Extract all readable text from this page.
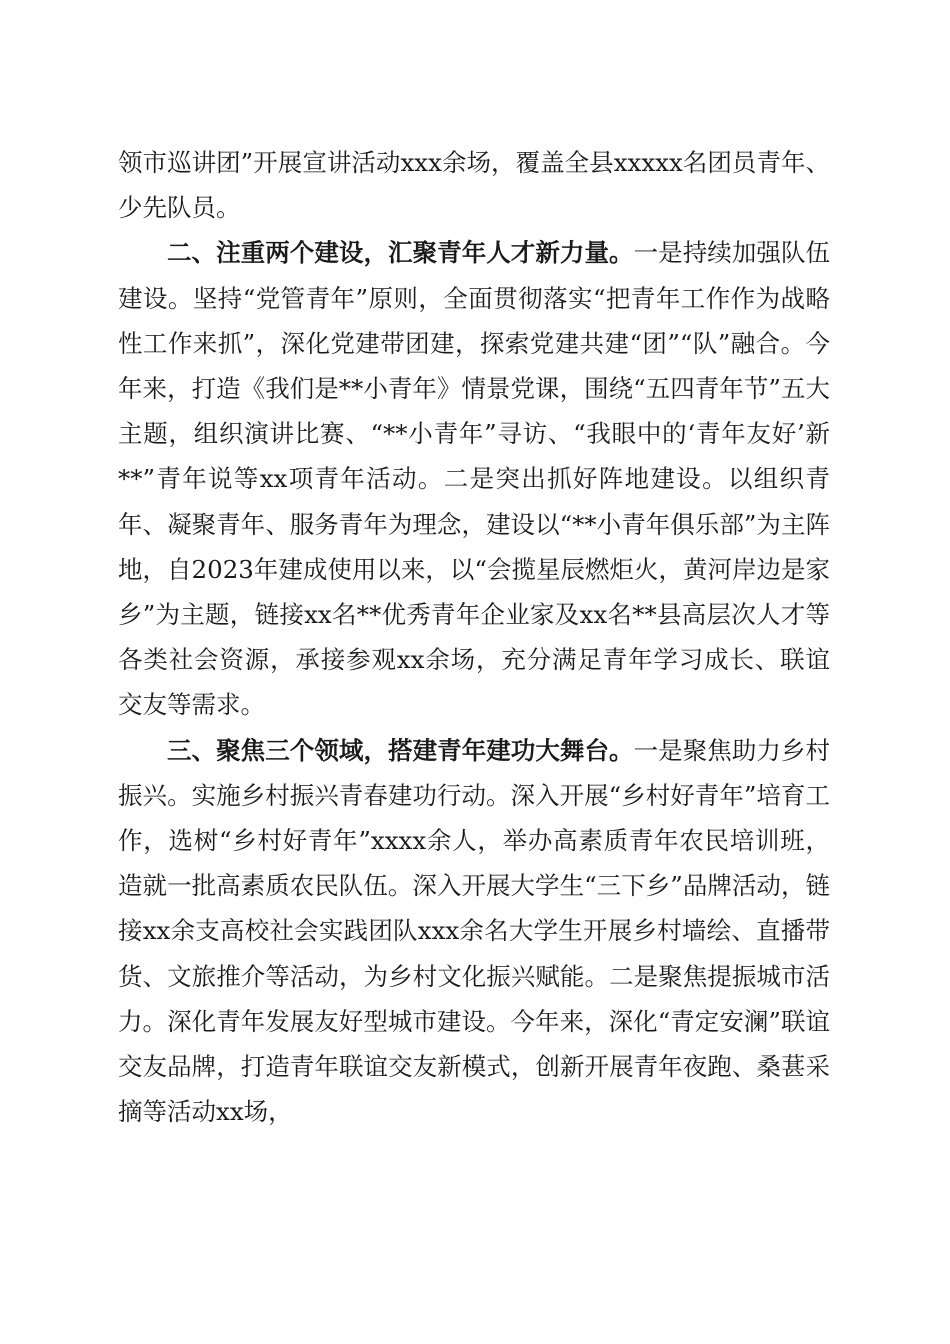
领市巡讲团”开展宣讲活动xxx余场，覆盖全县xxxxx名团员青年、少先队员。

二、注重两个建设，汇聚青年人才新力量。一是持续加强队伍建设。坚持“党管青年”原则，全面贯彻落实“把青年工作作为战略性工作来抓”，深化党建带团建，探索党建共建“团”“队”融合。今年来，打造《我们是**小青年》情景党课，围绕“五四青年节”五大主题，组织演讲比赛、“**小青年”寻访、“我眼中的‘青年友好’新**”青年说等xx项青年活动。二是突出抓好阵地建设。以组织青年、凝聚青年、服务青年为理念，建设以“**小青年俱乐部”为主阵地，自2023年建成使用以来，以“会揽星辰燃炬火，黄河岸边是家乡”为主题，链接xx名**优秀青年企业家及xx名**县高层次人才等各类社会资源，承接参观xx余场，充分满足青年学习成长、联谊交友等需求。

三、聚焦三个领域，搭建青年建功大舞台。一是聚焦助力乡村振兴。实施乡村振兴青春建功行动。深入开展“乡村好青年”培育工作，选树“乡村好青年”xxxx余人，举办高素质青年农民培训班，造就一批高素质农民队伍。深入开展大学生“三下乡”品牌活动，链接xx余支高校社会实践团队xxx余名大学生开展乡村墙绘、直播带货、文旅推介等活动，为乡村文化振兴赋能。二是聚焦提振城市活力。深化青年发展友好型城市建设。今年来，深化“青定安澜”联谊交友品牌，打造青年联谊交友新模式，创新开展青年夜跑、桑葚采摘等活动xx场，
